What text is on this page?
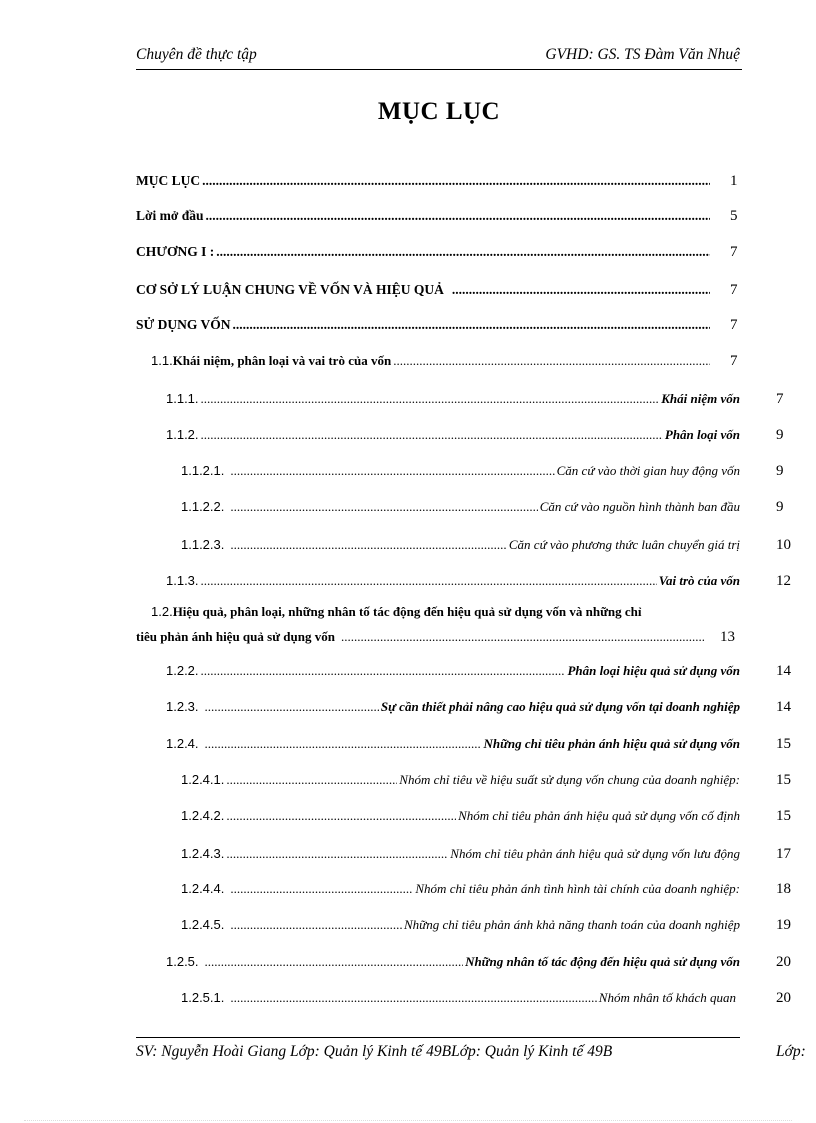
Chuyên đề thực tập	GVHD: GS. TS Đàm Văn Nhuệ
MỤC LỤC
MỤC LỤC .....	1
Lời mở đầu .....	5
CHƯƠNG I : .....	7
CƠ SỞ LÝ LUẬN CHUNG VỀ VỐN VÀ HIỆU QUẢ .....	7
SỬ DỤNG VỐN .....	7
1.1. Khái niệm, phân loại và vai trò của vốn .....	7
1.1.1. .....	Khái niệm vốn 7
1.1.2. .....	Phân loại vốn 9
1.1.2.1. .....	Căn cứ vào thời gian huy động vốn 9
1.1.2.2. .....	Căn cứ vào nguồn hình thành ban đầu 9
1.1.2.3. .....	Căn cứ vào phương thức luân chuyển giá trị 10
1.1.3. .....	Vai trò của vốn 12
1.2. Hiệu quả, phân loại, những nhân tố tác động đến hiệu quả sử dụng vốn và những chỉ
tiêu phản ánh hiệu quả sử dụng vốn .....	13
1.2.2. .....	Phân loại hiệu quả sử dụng vốn 14
1.2.3. .....	Sự cần thiết phải nâng cao hiệu quả sử dụng vốn tại doanh nghiệp 14
1.2.4. .....	Những chỉ tiêu phản ánh hiệu quả sử dụng vốn 15
1.2.4.1. .....	Nhóm chỉ tiêu về hiệu suất sử dụng vốn chung của doanh nghiệp: 15
1.2.4.2. .....	Nhóm chỉ tiêu phản ánh hiệu quả sử dụng vốn cố định 15
1.2.4.3. .....	Nhóm chỉ tiêu phản ánh hiệu quả sử dụng vốn lưu động 17
1.2.4.4. .....	Nhóm chỉ tiêu phản ánh tình hình tài chính của doanh nghiệp: 18
1.2.4.5. .....	Những chỉ tiêu phản ánh khả năng thanh toán của doanh nghiệp 19
1.2.5. .....	Những nhân tố tác động đến hiệu quả sử dụng vốn 20
1.2.5.1. .....	Nhóm nhân tố khách quan	20
SV: Nguyễn Hoài Giang Lớp: Quản lý Kinh tế 49BLớp: Quản lý Kinh tế 49B	Lớp:
